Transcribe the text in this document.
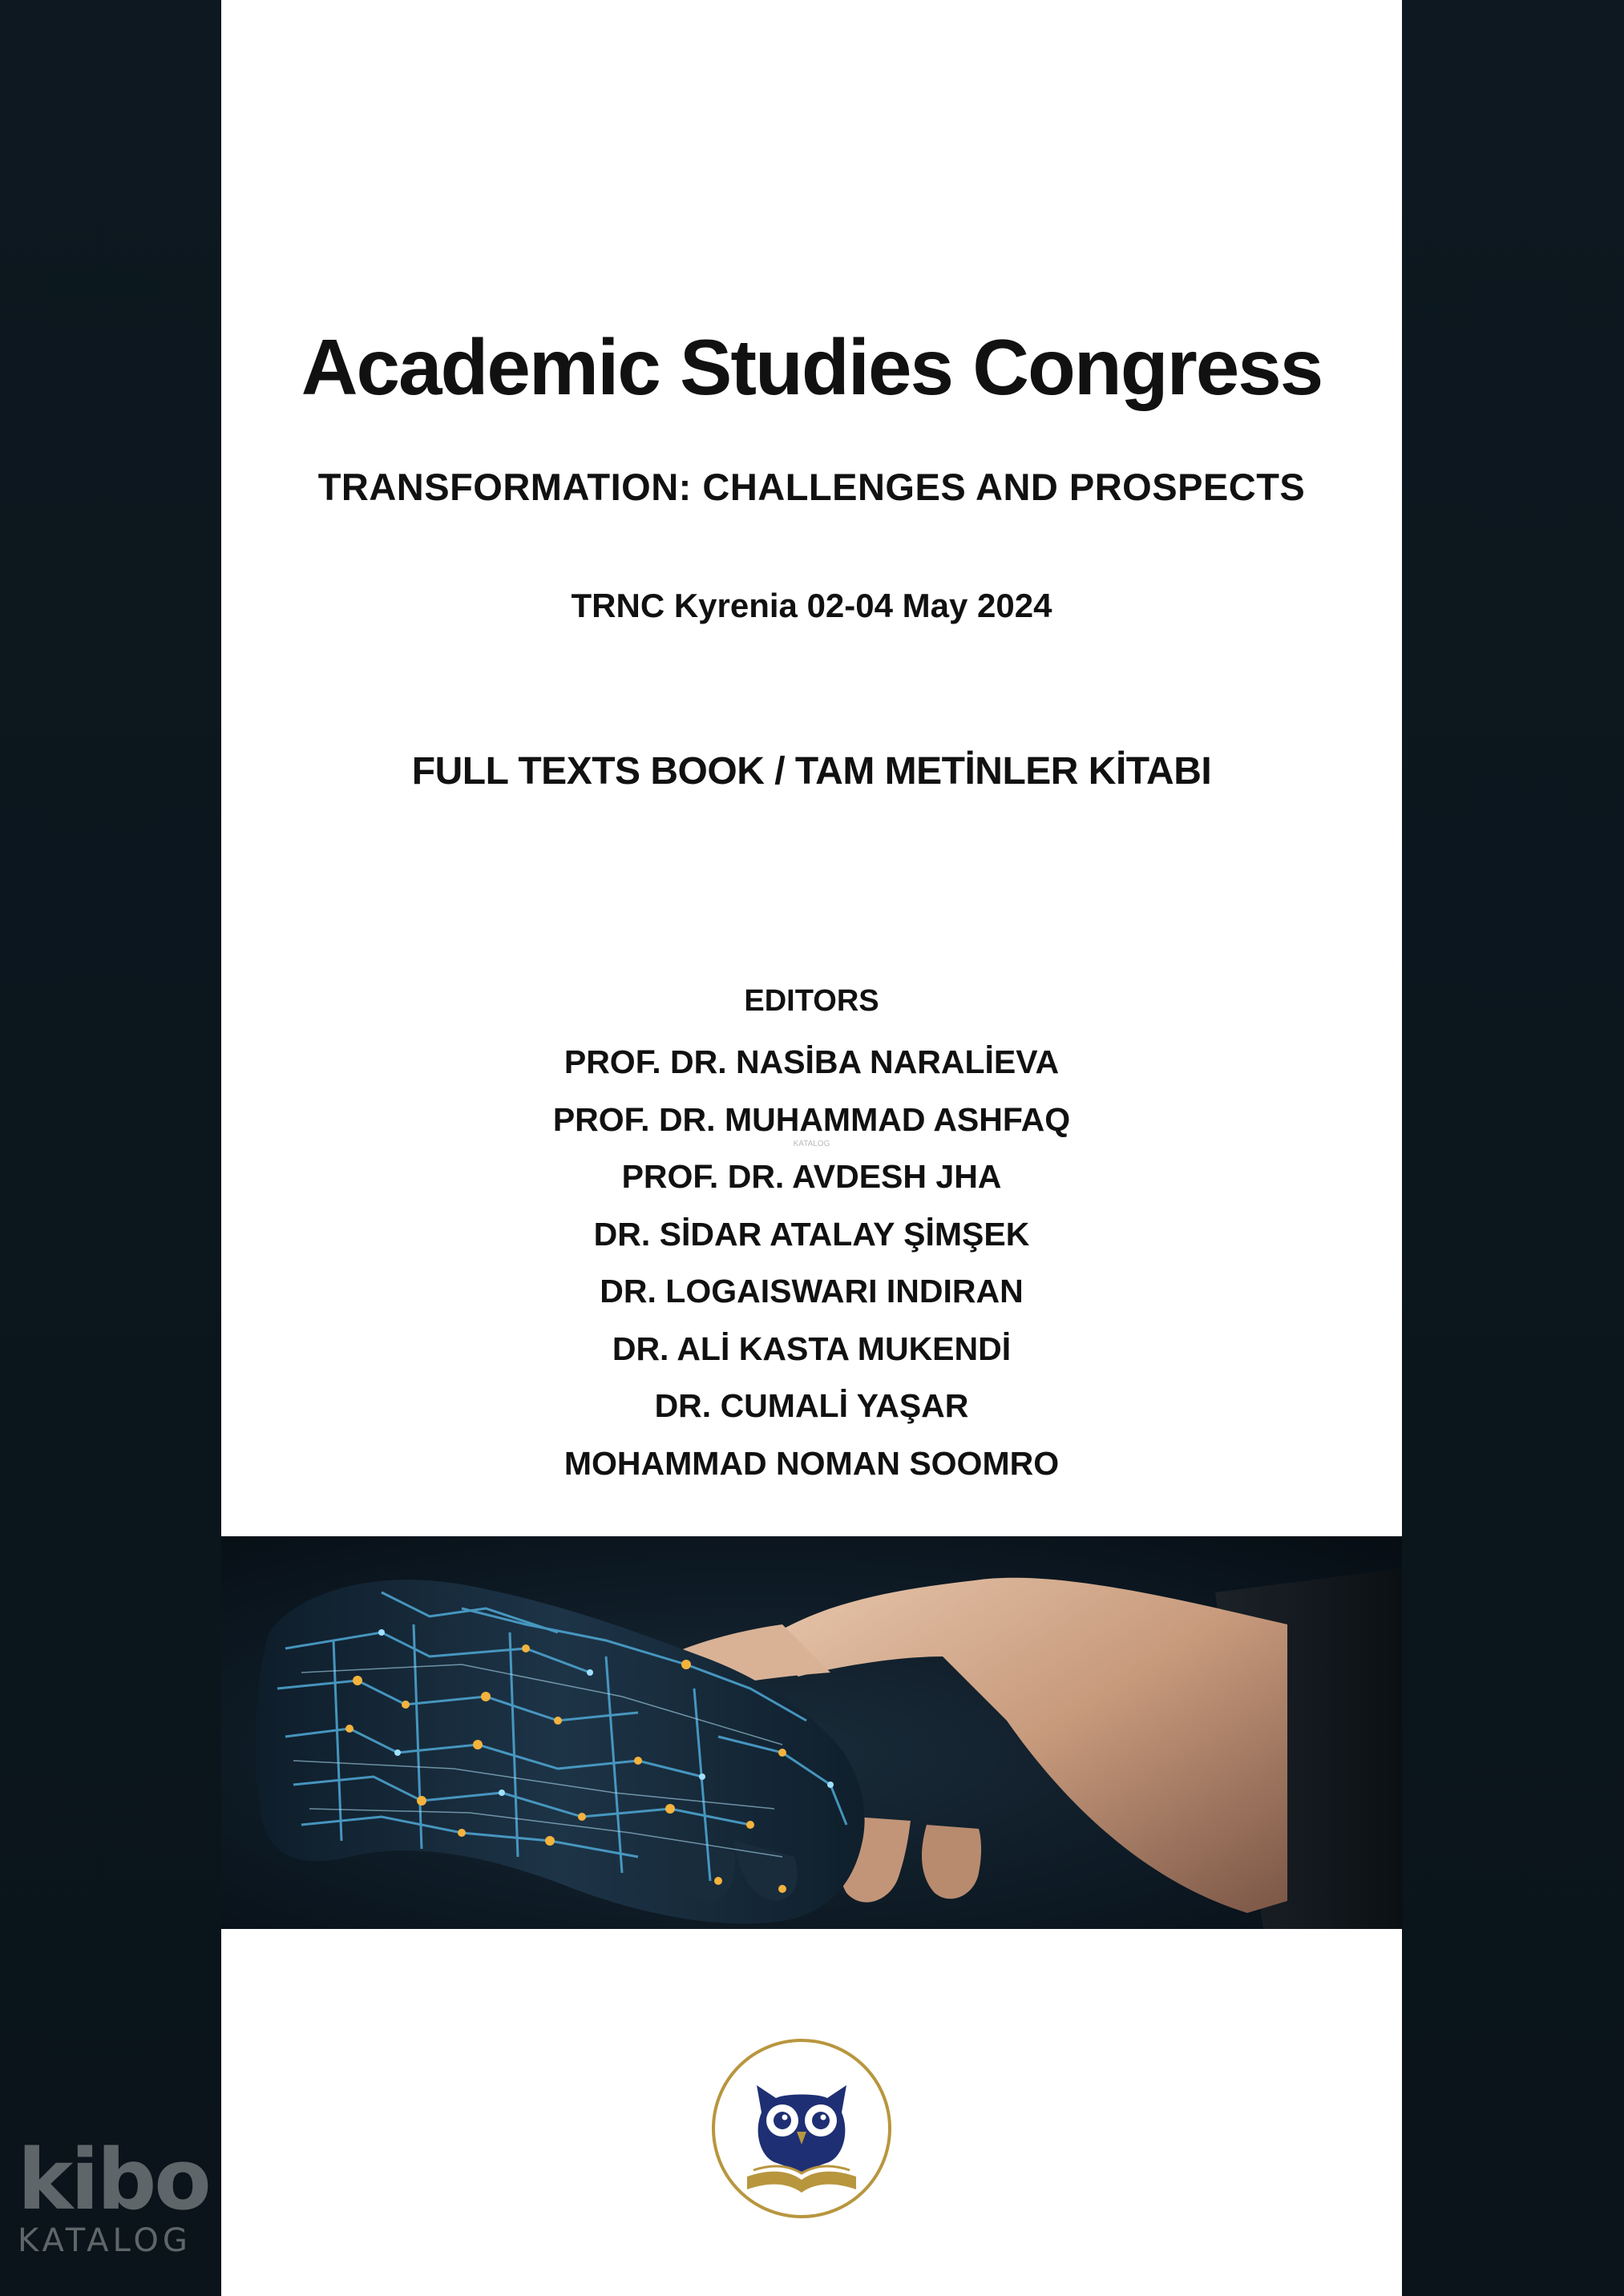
Academic Studies Congress
TRANSFORMATION: CHALLENGES AND PROSPECTS
TRNC Kyrenia 02-04 May 2024
FULL TEXTS BOOK / TAM METİNLER KİTABI
EDITORS
PROF. DR. NASİBA NARALİEVA
PROF. DR. MUHAMMAD ASHFAQ
PROF. DR. AVDESH JHA
DR. SİDAR ATALAY ŞİMŞEK
DR. LOGAISWARI INDIRAN
DR. ALİ KASTA MUKENDİ
DR. CUMALİ YAŞAR
MOHAMMAD NOMAN SOOMRO
KATALOG
kibo
KATALOG
